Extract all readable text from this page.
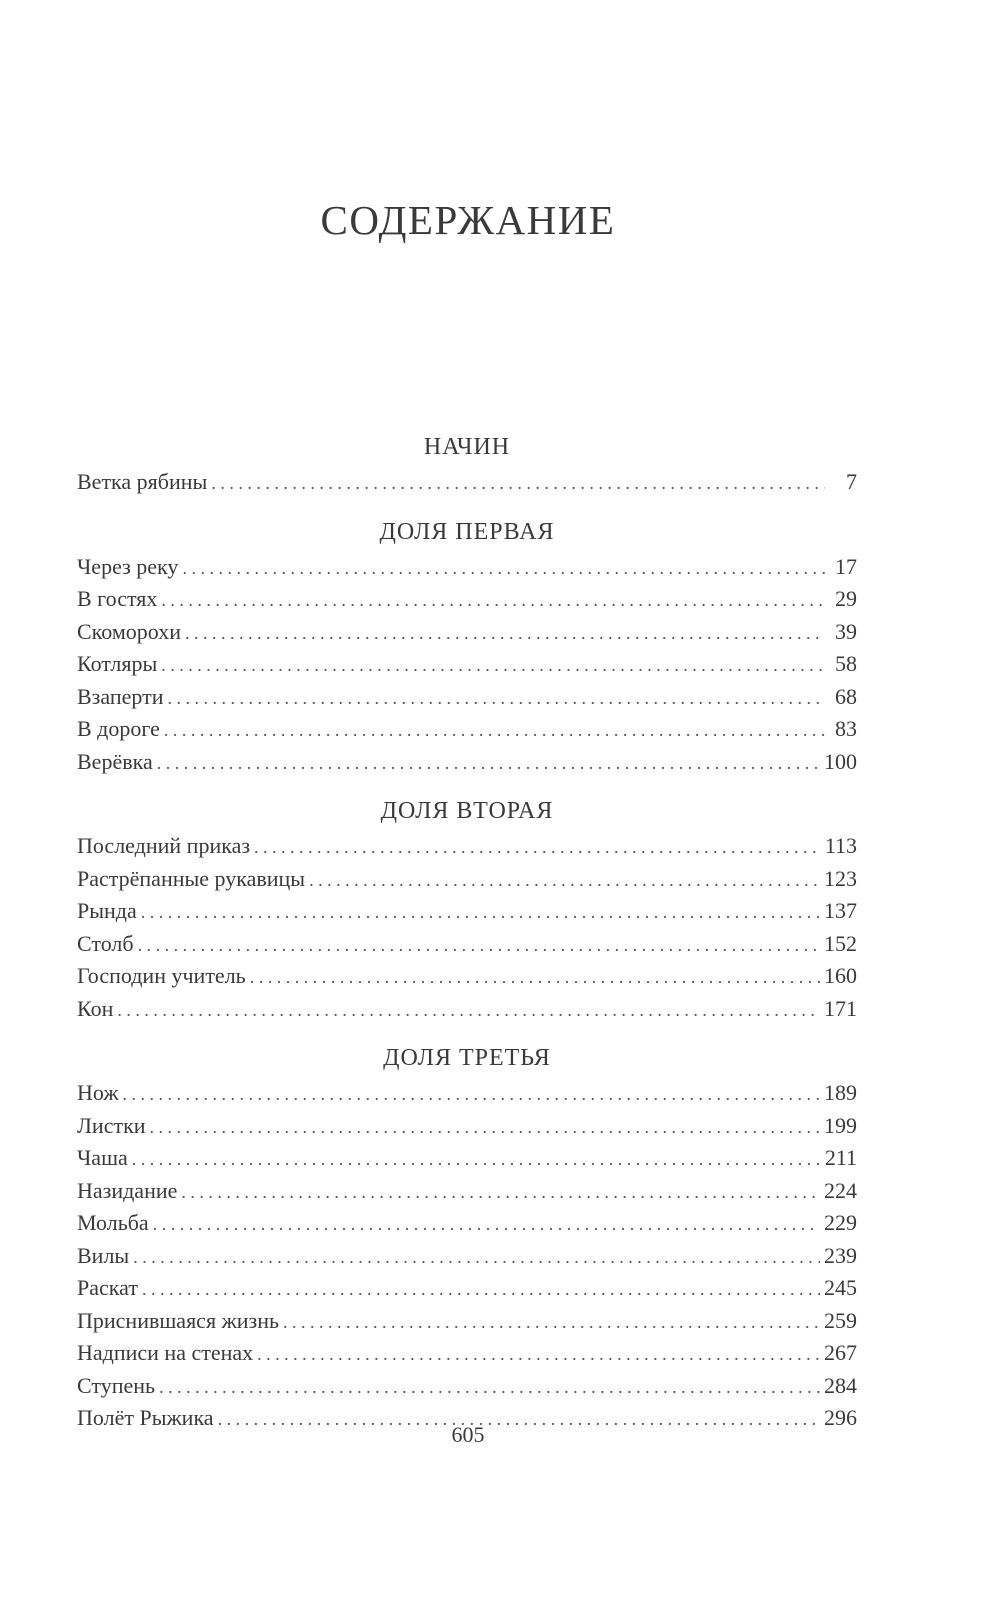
СОДЕРЖАНИЕ
НАЧИН
Ветка рябины . . .	7
ДОЛЯ ПЕРВАЯ
Через реку . . .	17
В гостях . . .	29
Скоморохи . . .	39
Котляры . . .	58
Взаперти . . .	68
В дороге . . .	83
Верёвка . . .	100
ДОЛЯ ВТОРАЯ
Последний приказ . . .	113
Растрёпанные рукавицы . . .	123
Рында . . .	137
Столб . . .	152
Господин учитель . . .	160
Кон . . .	171
ДОЛЯ ТРЕТЬЯ
Нож . . .	189
Листки . . .	199
Чаша . . .	211
Назидание . . .	224
Мольба . . .	229
Вилы . . .	239
Раскат . . .	245
Приснившаяся жизнь . . .	259
Надписи на стенах . . .	267
Ступень . . .	284
Полёт Рыжика . . .	296
605
